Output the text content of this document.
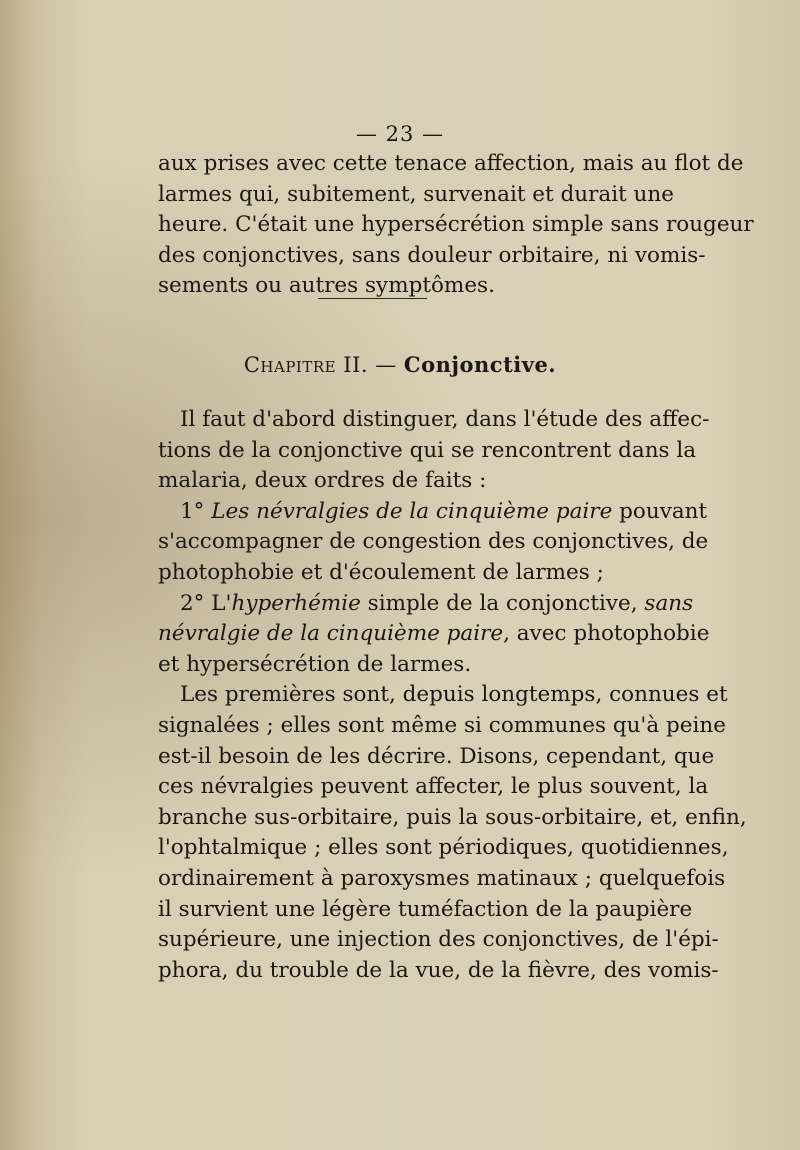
— 23 —
aux prises avec cette tenace affection, mais au flot de
larmes qui, subitement, survenait et durait une
heure. C'était une hypersécrétion simple sans rougeur
des conjonctives, sans douleur orbitaire, ni vomis-
sements ou autres symptômes.
Chapitre II. — Conjonctive.
Il faut d'abord distinguer, dans l'étude des affec-
tions de la conjonctive qui se rencontrent dans la
malaria, deux ordres de faits :
1° Les névralgies de la cinquième paire pouvant
s'accompagner de congestion des conjonctives, de
photophobie et d'écoulement de larmes ;
2° L'hyperhémie simple de la conjonctive, sans
névralgie de la cinquième paire, avec photophobie
et hypersécrétion de larmes.
Les premières sont, depuis longtemps, connues et
signalées ; elles sont même si communes qu'à peine
est-il besoin de les décrire. Disons, cependant, que
ces névralgies peuvent affecter, le plus souvent, la
branche sus-orbitaire, puis la sous-orbitaire, et, enfin,
l'ophtalmique ; elles sont périodiques, quotidiennes,
ordinairement à paroxysmes matinaux ; quelquefois
il survient une légère tuméfaction de la paupière
supérieure, une injection des conjonctives, de l'épi-
phora, du trouble de la vue, de la fièvre, des vomis-
